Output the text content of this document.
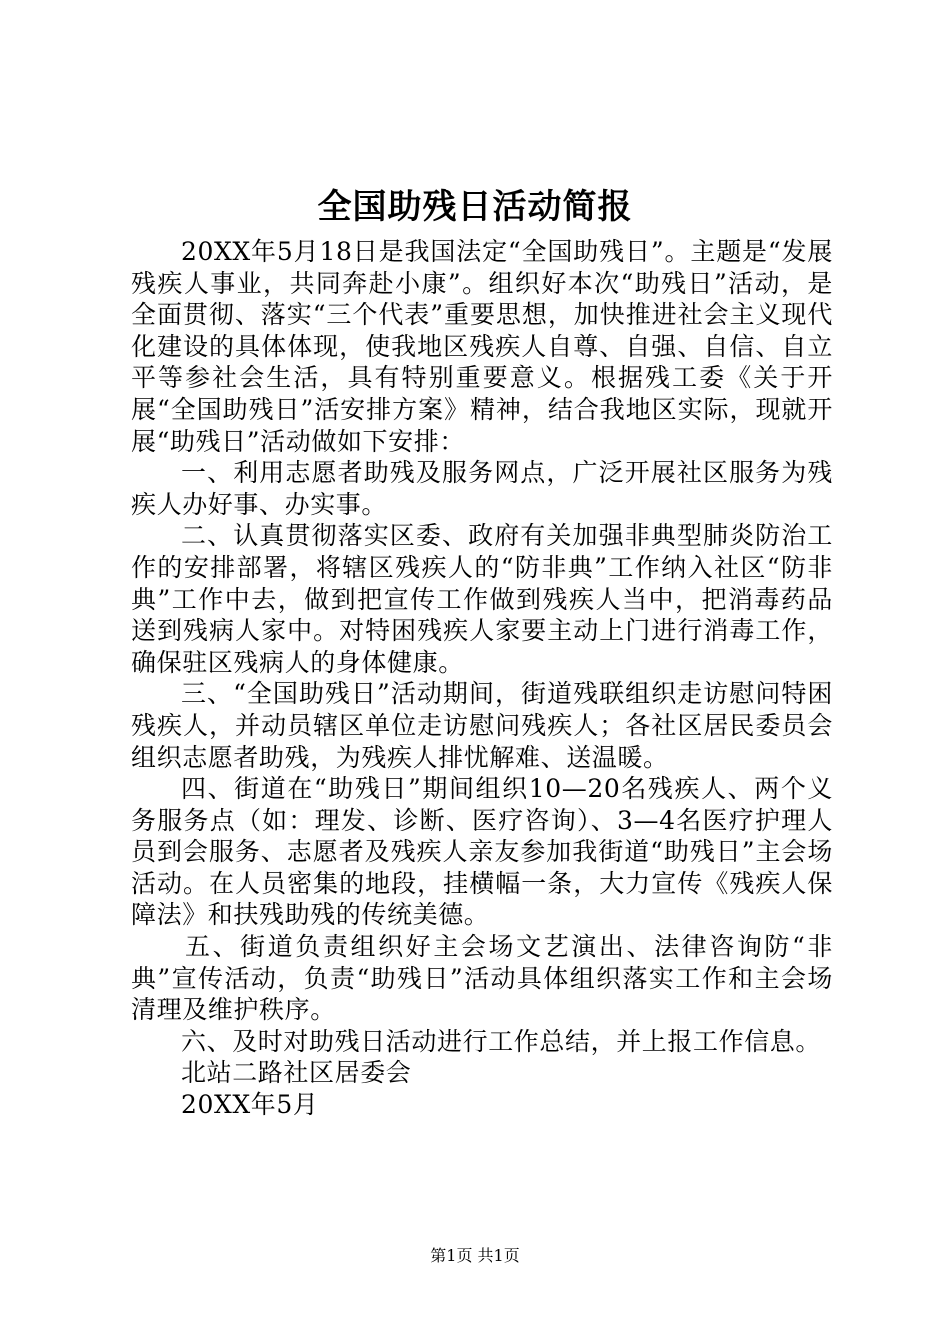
全国助残日活动简报

20XX年5月18日是我国法定“全国助残日”。主题是“发展残疾人事业，共同奔赴小康”。组织好本次“助残日”活动，是全面贯彻、落实“三个代表”重要思想，加快推进社会主义现代化建设的具体体现，使我地区残疾人自尊、自强、自信、自立平等参社会生活，具有特别重要意义。根据残工委《关于开展“全国助残日”活安排方案》精神，结合我地区实际，现就开展“助残日”活动做如下安排：

一、利用志愿者助残及服务网点，广泛开展社区服务为残疾人办好事、办实事。

二、认真贯彻落实区委、政府有关加强非典型肺炎防治工作的安排部署，将辖区残疾人的“防非典”工作纳入社区“防非典”工作中去，做到把宣传工作做到残疾人当中，把消毒药品送到残病人家中。对特困残疾人家要主动上门进行消毒工作，确保驻区残病人的身体健康。

三、“全国助残日”活动期间，街道残联组织走访慰问特困残疾人，并动员辖区单位走访慰问残疾人；各社区居民委员会组织志愿者助残，为残疾人排忧解难、送温暖。

四、街道在“助残日”期间组织10—20名残疾人、两个义务服务点（如：理发、诊断、医疗咨询）、3—4名医疗护理人员到会服务、志愿者及残疾人亲友参加我街道“助残日”主会场活动。在人员密集的地段，挂横幅一条，大力宣传《残疾人保障法》和扶残助残的传统美德。

五、街道负责组织好主会场文艺演出、法律咨询防“非典”宣传活动，负责“助残日”活动具体组织落实工作和主会场清理及维护秩序。

六、及时对助残日活动进行工作总结，并上报工作信息。

北站二路社区居委会

20XX年5月

第1页 共1页
